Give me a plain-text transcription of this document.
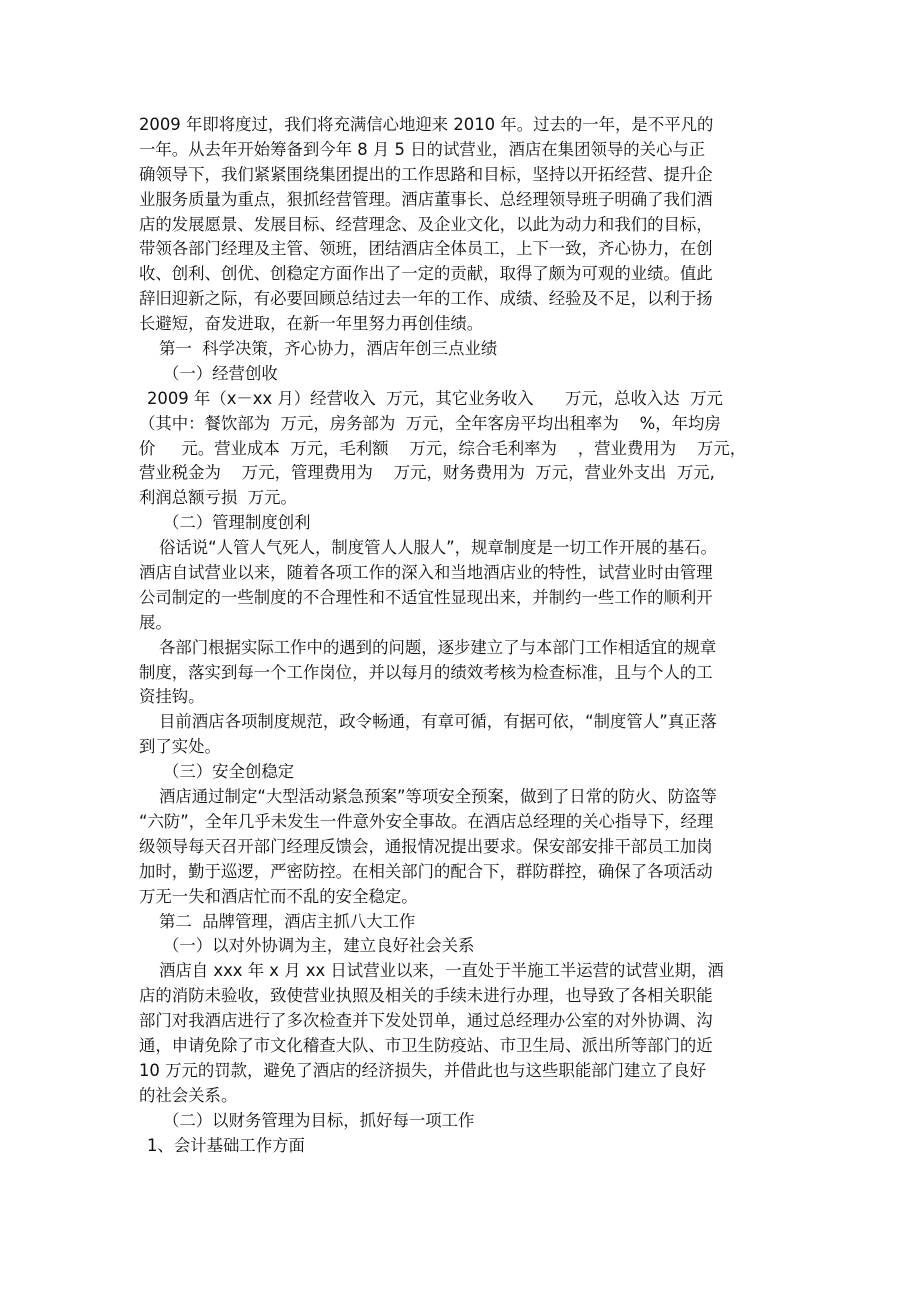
2009 年即将度过，我们将充满信心地迎来 2010 年。过去的一年，是不平凡的
一年。从去年开始筹备到今年 8 月 5 日的试营业，酒店在集团领导的关心与正
确领导下，我们紧紧围绕集团提出的工作思路和目标，坚持以开拓经营、提升企
业服务质量为重点，狠抓经营管理。酒店董事长、总经理领导班子明确了我们酒
店的发展愿景、发展目标、经营理念、及企业文化，以此为动力和我们的目标，
带领各部门经理及主管、领班，团结酒店全体员工，上下一致，齐心协力，在创
收、创利、创优、创稳定方面作出了一定的贡献，取得了颇为可观的业绩。值此
辞旧迎新之际，有必要回顾总结过去一年的工作、成绩、经验及不足，以利于扬
长避短，奋发进取，在新一年里努力再创佳绩。
第一  科学决策，齐心协力，酒店年创三点业绩
（一）经营创收
2009 年（x－xx 月）经营收入  万元，其它业务收入      万元，总收入达  万元
（其中：餐饮部为  万元，房务部为  万元，全年客房平均出租率为    %，年均房
价     元。营业成本  万元，毛利额    万元，综合毛利率为    ，营业费用为    万元，
营业税金为    万元，管理费用为    万元，财务费用为  万元，营业外支出  万元,
利润总额亏损  万元。
（二）管理制度创利
俗话说“人管人气死人，制度管人人服人”，规章制度是一切工作开展的基石。
酒店自试营业以来，随着各项工作的深入和当地酒店业的特性，试营业时由管理
公司制定的一些制度的不合理性和不适宜性显现出来，并制约一些工作的顺利开
展。
各部门根据实际工作中的遇到的问题，逐步建立了与本部门工作相适宜的规章
制度，落实到每一个工作岗位，并以每月的绩效考核为检查标准，且与个人的工
资挂钩。
目前酒店各项制度规范，政令畅通，有章可循，有据可依，“制度管人”真正落
到了实处。
（三）安全创稳定
酒店通过制定“大型活动紧急预案”等项安全预案，做到了日常的防火、防盗等
“六防”，全年几乎未发生一件意外安全事故。在酒店总经理的关心指导下，经理
级领导每天召开部门经理反馈会，通报情况提出要求。保安部安排干部员工加岗
加时，勤于巡逻，严密防控。在相关部门的配合下，群防群控，确保了各项活动
万无一失和酒店忙而不乱的安全稳定。
第二  品牌管理，酒店主抓八大工作
（一）以对外协调为主，建立良好社会关系
酒店自 xxx 年 x 月 xx 日试营业以来，一直处于半施工半运营的试营业期，酒
店的消防未验收，致使营业执照及相关的手续未进行办理，也导致了各相关职能
部门对我酒店进行了多次检查并下发处罚单，通过总经理办公室的对外协调、沟
通，申请免除了市文化稽查大队、市卫生防疫站、市卫生局、派出所等部门的近
10 万元的罚款，避免了酒店的经济损失，并借此也与这些职能部门建立了良好
的社会关系。
（二）以财务管理为目标，抓好每一项工作
1、会计基础工作方面
